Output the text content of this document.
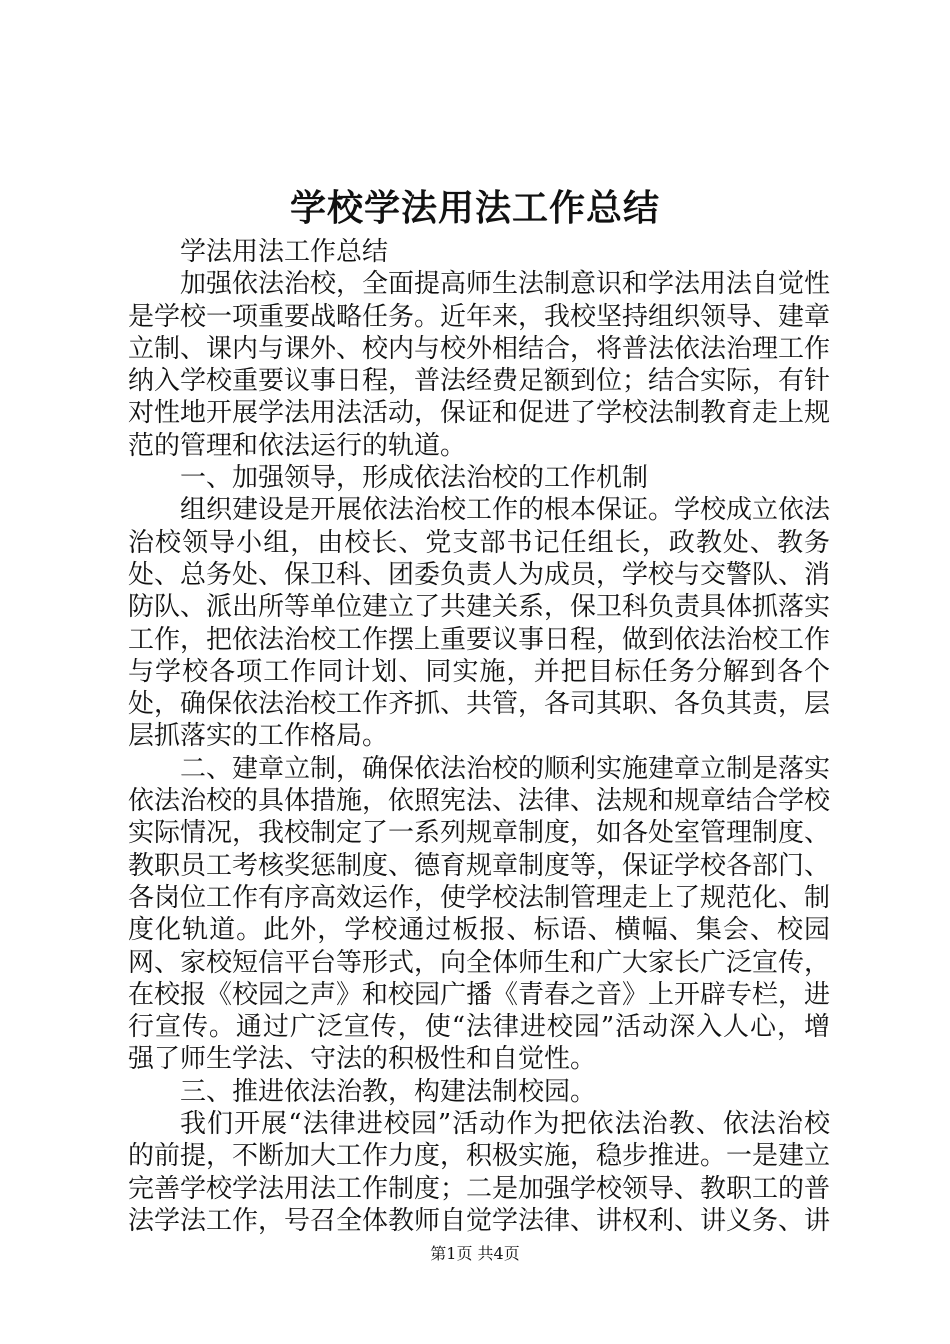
学校学法用法工作总结

学法用法工作总结

加强依法治校，全面提高师生法制意识和学法用法自觉性是学校一项重要战略任务。近年来，我校坚持组织领导、建章立制、课内与课外、校内与校外相结合，将普法依法治理工作纳入学校重要议事日程，普法经费足额到位；结合实际，有针对性地开展学法用法活动，保证和促进了学校法制教育走上规范的管理和依法运行的轨道。

一、加强领导，形成依法治校的工作机制

组织建设是开展依法治校工作的根本保证。学校成立依法治校领导小组，由校长、党支部书记任组长，政教处、教务处、总务处、保卫科、团委负责人为成员，学校与交警队、消防队、派出所等单位建立了共建关系，保卫科负责具体抓落实工作，把依法治校工作摆上重要议事日程，做到依法治校工作与学校各项工作同计划、同实施，并把目标任务分解到各个处，确保依法治校工作齐抓、共管，各司其职、各负其责，层层抓落实的工作格局。

二、建章立制，确保依法治校的顺利实施建章立制是落实依法治校的具体措施，依照宪法、法律、法规和规章结合学校实际情况，我校制定了一系列规章制度，如各处室管理制度、教职员工考核奖惩制度、德育规章制度等，保证学校各部门、各岗位工作有序高效运作，使学校法制管理走上了规范化、制度化轨道。此外，学校通过板报、标语、横幅、集会、校园网、家校短信平台等形式，向全体师生和广大家长广泛宣传，在校报《校园之声》和校园广播《青春之音》上开辟专栏，进行宣传。通过广泛宣传，使“法律进校园”活动深入人心，增强了师生学法、守法的积极性和自觉性。

三、推进依法治教，构建法制校园。

我们开展“法律进校园”活动作为把依法治教、依法治校的前提，不断加大工作力度，积极实施，稳步推进。一是建立完善学校学法用法工作制度；二是加强学校领导、教职工的普法学法工作，号召全体教师自觉学法律、讲权利、讲义务、讲

第1页 共4页
